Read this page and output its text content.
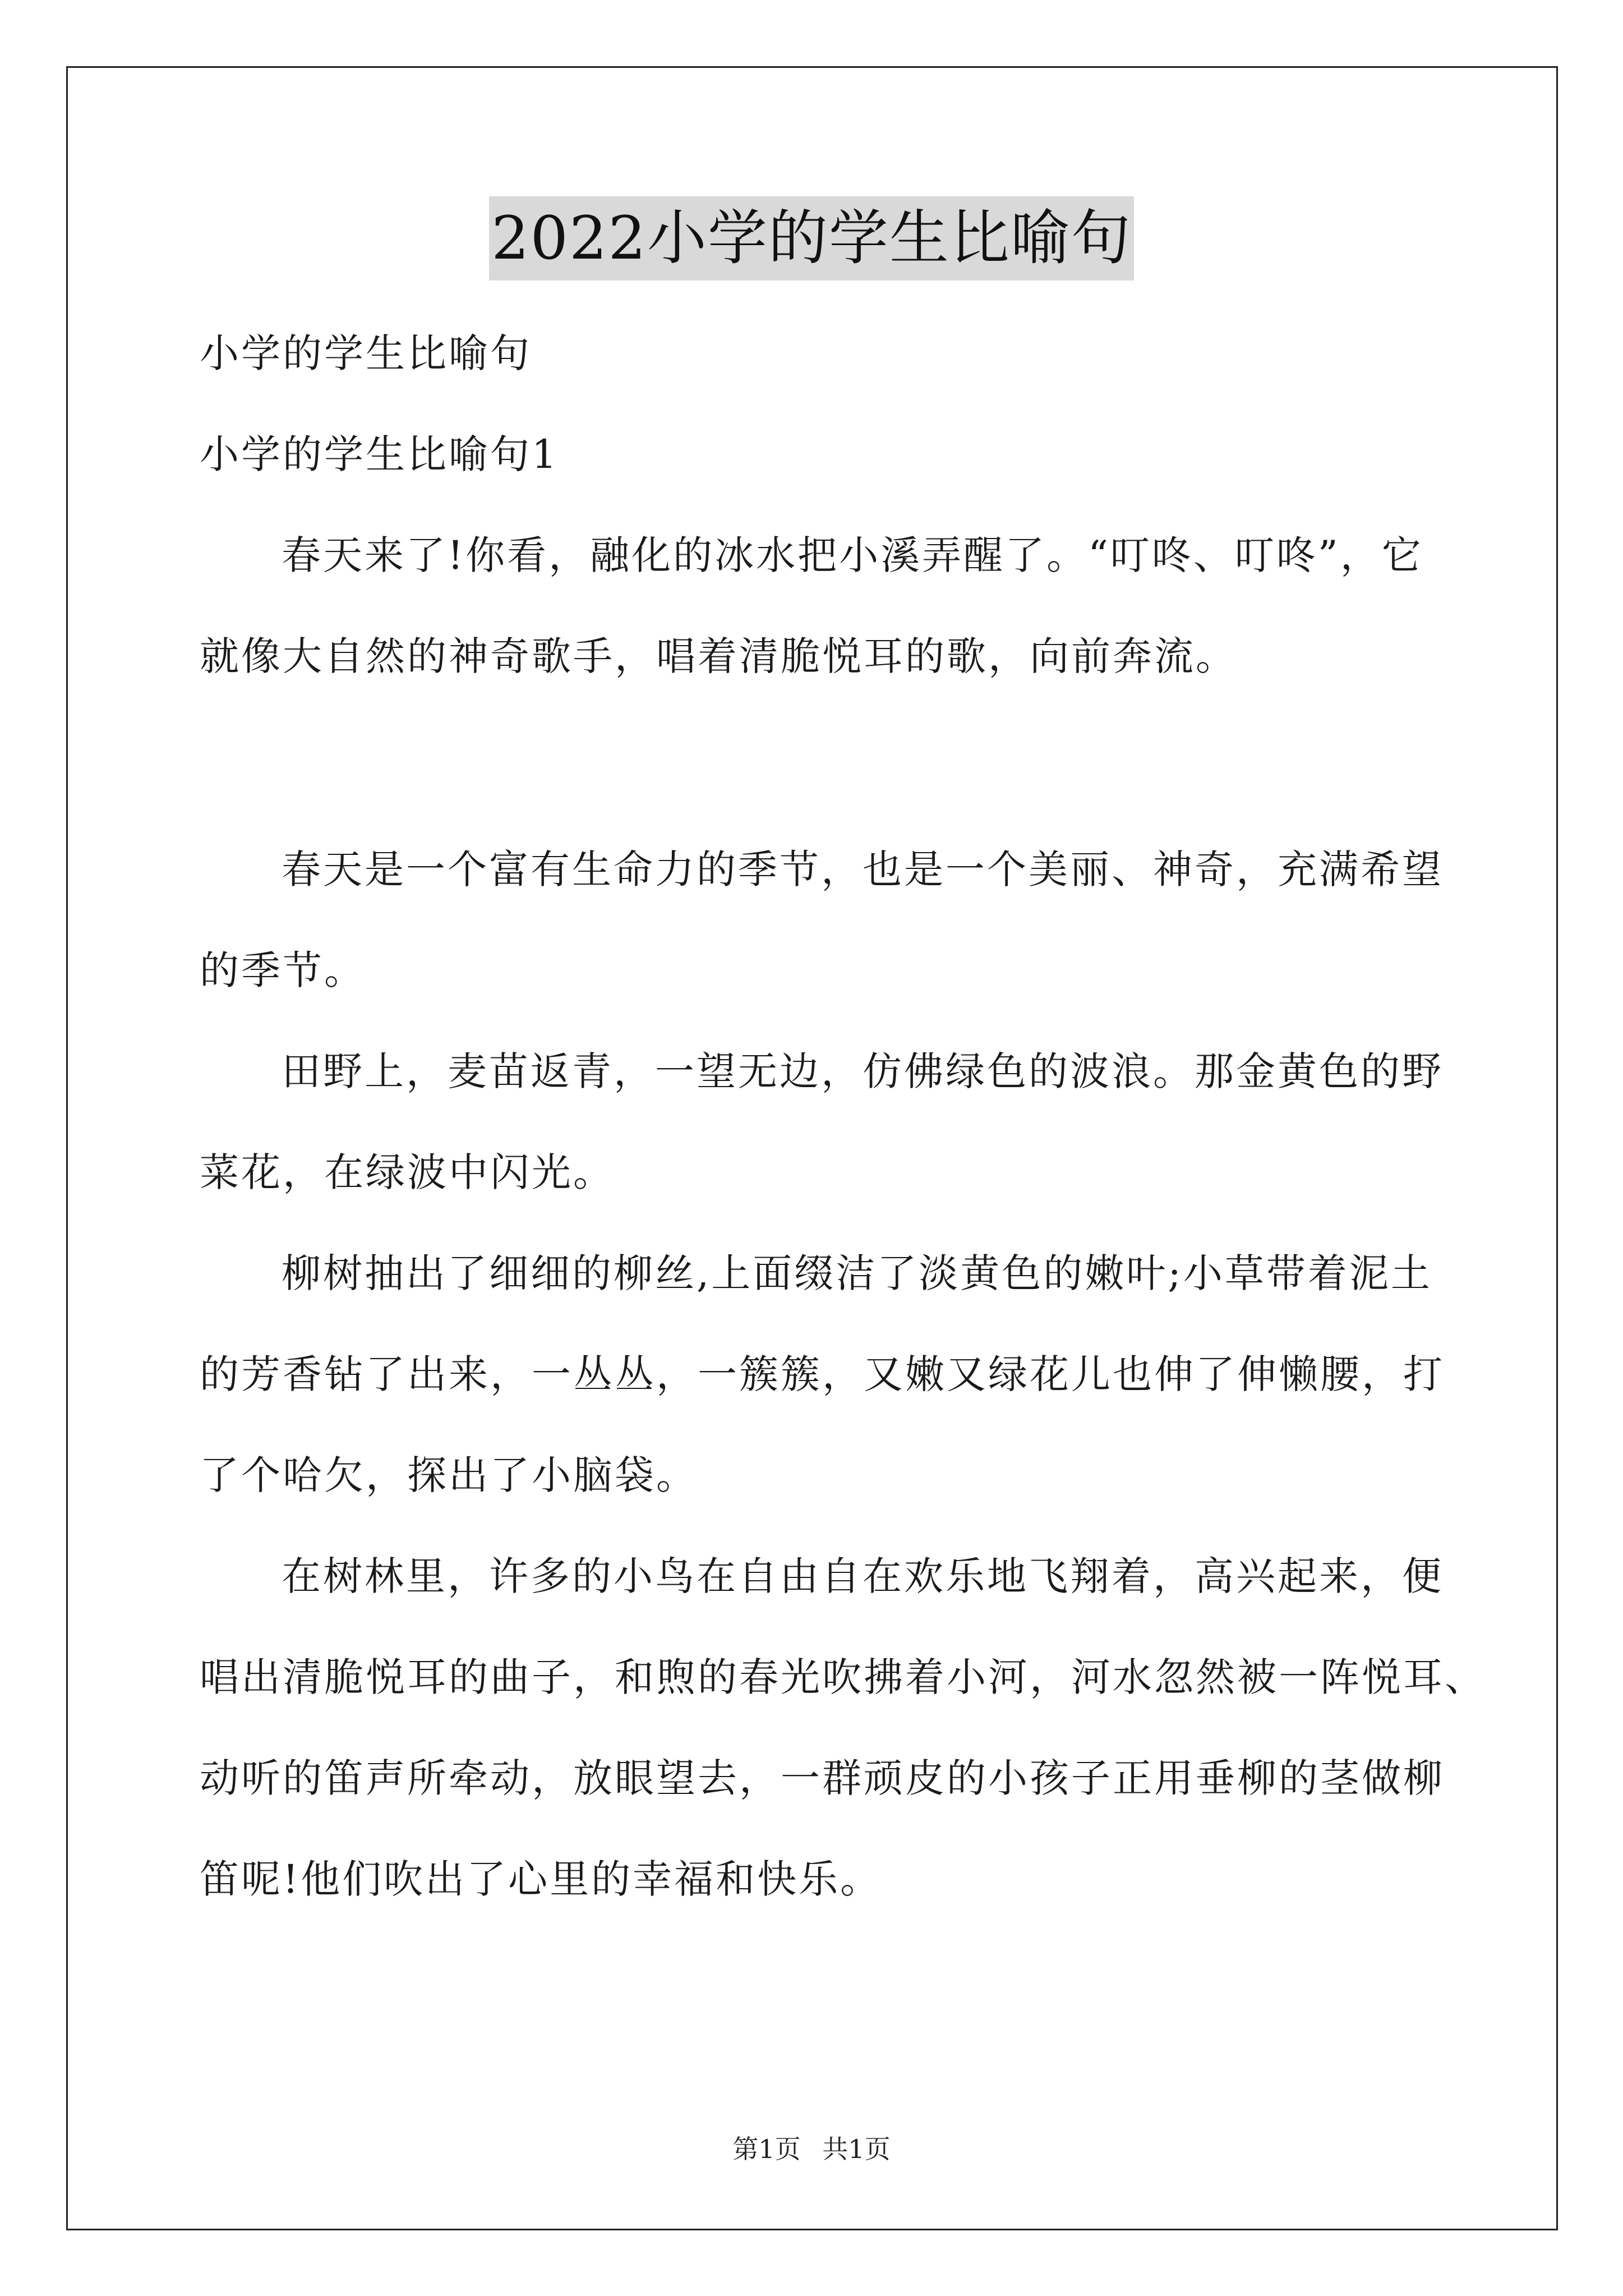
2022小学的学生比喻句
小学的学生比喻句
小学的学生比喻句1
春天来了!你看，融化的冰水把小溪弄醒了。“叮咚、叮咚”，它
就像大自然的神奇歌手，唱着清脆悦耳的歌，向前奔流。
春天是一个富有生命力的季节，也是一个美丽、神奇，充满希望
的季节。
田野上，麦苗返青，一望无边，仿佛绿色的波浪。那金黄色的野
菜花，在绿波中闪光。
柳树抽出了细细的柳丝,上面缀洁了淡黄色的嫩叶;小草带着泥土
的芳香钻了出来，一丛丛，一簇簇，又嫩又绿花儿也伸了伸懒腰，打
了个哈欠，探出了小脑袋。
在树林里，许多的小鸟在自由自在欢乐地飞翔着，高兴起来，便
唱出清脆悦耳的曲子，和煦的春光吹拂着小河，河水忽然被一阵悦耳、
动听的笛声所牵动，放眼望去，一群顽皮的小孩子正用垂柳的茎做柳
笛呢!他们吹出了心里的幸福和快乐。
第1页 共1页
